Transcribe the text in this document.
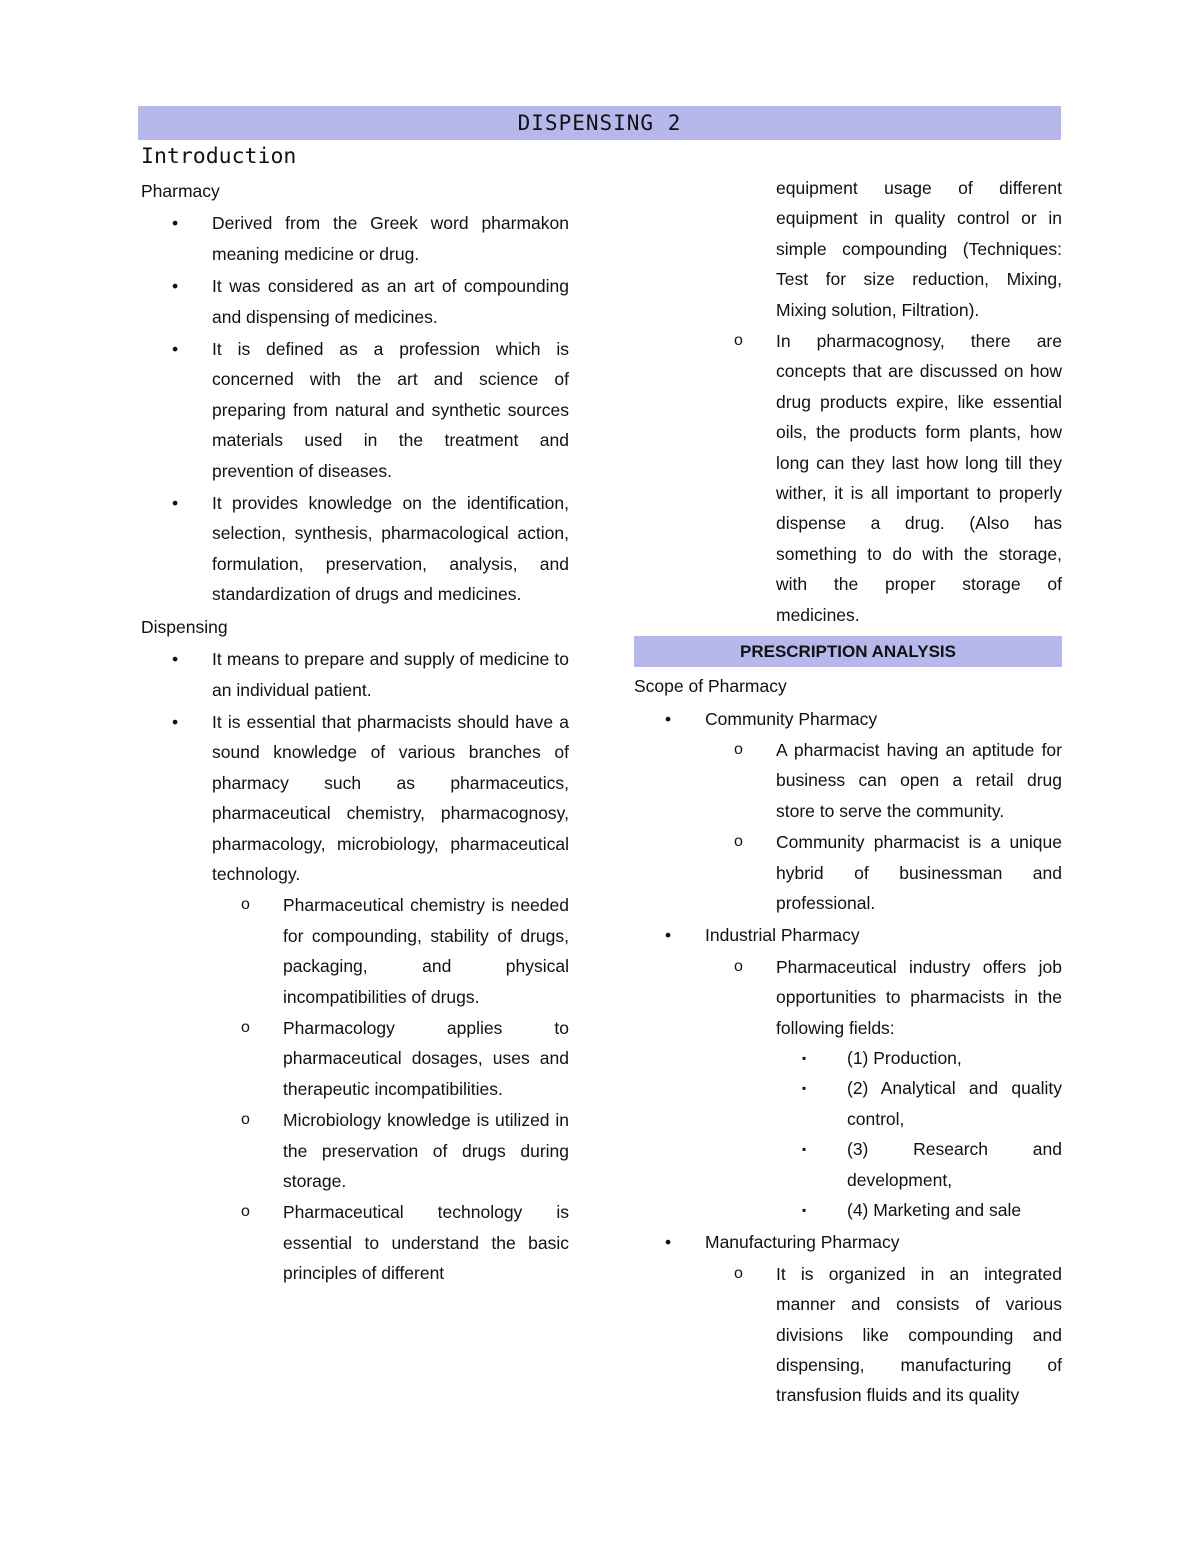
DISPENSING 2
Introduction
Pharmacy
•	Derived from the Greek word pharmakon meaning medicine or drug.
•	It was considered as an art of compounding and dispensing of medicines.
•	It is defined as a profession which is concerned with the art and science of preparing from natural and synthetic sources materials used in the treatment and prevention of diseases.
•	It provides knowledge on the identification, selection, synthesis, pharmacological action, formulation, preservation, analysis, and standardization of drugs and medicines.
Dispensing
•	It means to prepare and supply of medicine to an individual patient.
•	It is essential that pharmacists should have a sound knowledge of various branches of pharmacy such as pharmaceutics, pharmaceutical chemistry, pharmacognosy, pharmacology, microbiology, pharmaceutical technology.
o	Pharmaceutical chemistry is needed for compounding, stability of drugs, packaging, and physical incompatibilities of drugs.
o	Pharmacology applies to pharmaceutical dosages, uses and therapeutic incompatibilities.
o	Microbiology knowledge is utilized in the preservation of drugs during storage.
o	Pharmaceutical technology is essential to understand the basic principles of different
equipment usage of different equipment in quality control or in simple compounding (Techniques: Test for size reduction, Mixing, Mixing solution, Filtration).
o	In pharmacognosy, there are concepts that are discussed on how drug products expire, like essential oils, the products form plants, how long can they last how long till they wither, it is all important to properly dispense a drug. (Also has something to do with the storage, with the proper storage of medicines.
PRESCRIPTION ANALYSIS
Scope of Pharmacy
•	Community Pharmacy
o	A pharmacist having an aptitude for business can open a retail drug store to serve the community.
o	Community pharmacist is a unique hybrid of businessman and professional.
•	Industrial Pharmacy
o	Pharmaceutical industry offers job opportunities to pharmacists in the following fields:
▪	(1) Production,
▪	(2) Analytical and quality control,
▪	(3) Research and development,
▪	(4) Marketing and sale
•	Manufacturing Pharmacy
o	It is organized in an integrated manner and consists of various divisions like compounding and dispensing, manufacturing of transfusion fluids and its quality
